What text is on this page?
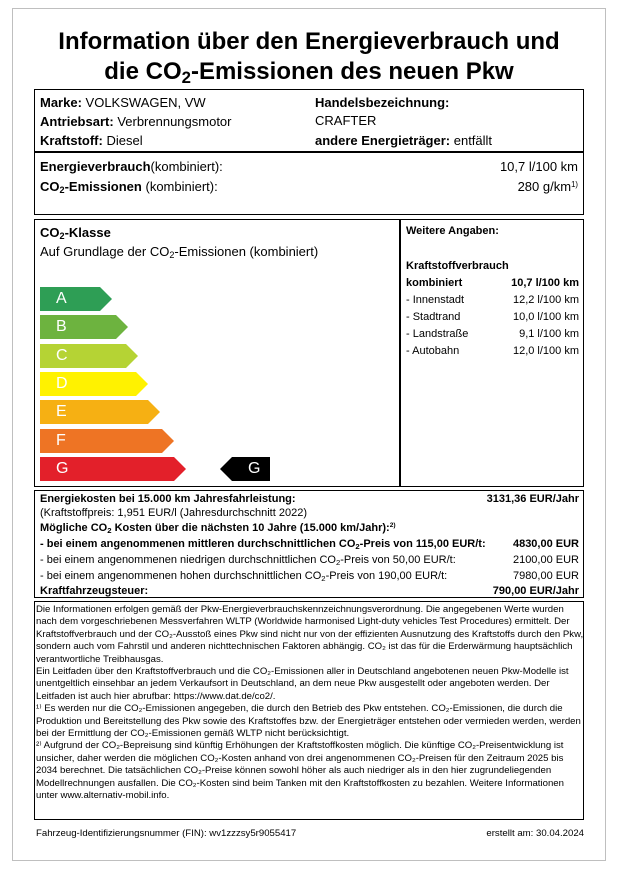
Information über den Energieverbrauch und
die $CO_2$-Emissionen des neuen Pkw
Marke: VOLKSWAGEN, VW
Antriebsart: Verbrennungsmotor
Kraftstoff: Diesel
Handelsbezeichnung:
CRAFTER
andere Energieträger: entfällt
Energieverbrauch(kombiniert):	10,7 l/100 km
$CO_2$-Emissionen (kombiniert):	280 $g/km^{1)}$
$CO_2$-Klasse
Auf Grundlage der $CO_2$-Emissionen (kombiniert)
A
B
C
D
E
F
G	G
Weitere Angaben:
Kraftstoffverbrauch
kombiniert	10,7 l/100 km
- Innenstadt	12,2 l/100 km
- Stadtrand	10,0 l/100 km
- Landstraße	9,1 l/100 km
- Autobahn	12,0 l/100 km
Energiekosten bei 15.000 km Jahresfahrleistung:	3131,36 EUR/Jahr
(Kraftstoffpreis: 1,951 EUR/l (Jahresdurchschnitt 2022)
Mögliche $CO_2$ Kosten über die nächsten 10 Jahre (15.000 km/Jahr):$^{2)}$
- bei einem angenommenen mittleren durchschnittlichen $CO_2$-Preis von 115,00 EUR/t: 4830,00 EUR
- bei einem angenommenen niedrigen durchschnittlichen $CO_2$-Preis von 50,00 EUR/t:	2100,00 EUR
- bei einem angenommenen hohen durchschnittlichen $CO_2$-Preis von 190,00 EUR/t:	7980,00 EUR
Kraftfahrzeugsteuer:	790,00 EUR/Jahr

Die Informationen erfolgen gemäß der Pkw-Energieverbrauchskennzeichnungsverordnung. Die angegebenen Werte wurden nach dem vorgeschriebenen Messverfahren WLTP (Worldwide harmonised Light-duty vehicles Test Procedures) ermittelt. Der Kraftstoffverbrauch und der CO₂-Ausstoß eines Pkw sind nicht nur von der effizienten Ausnutzung des Kraftstoffs durch den Pkw, sondern auch vom Fahrstil und anderen nichttechnischen Faktoren abhängig. CO₂ ist das für die Erderwärmung hauptsächlich verantwortliche Treibhausgas.

Ein Leitfaden über den Kraftstoffverbrauch und die CO₂-Emissionen aller in Deutschland angebotenen neuen Pkw-Modelle ist unentgeltlich einsehbar an jedem Verkaufsort in Deutschland, an dem neue Pkw ausgestellt oder angeboten werden. Der Leitfaden ist auch hier abrufbar: https://www.dat.de/co2/.

¹⁾ Es werden nur die CO₂-Emissionen angegeben, die durch den Betrieb des Pkw entstehen. CO₂-Emissionen, die durch die Produktion und Bereitstellung des Pkw sowie des Kraftstoffes bzw. der Energieträger entstehen oder vermieden werden, werden bei der Ermittlung der CO₂-Emissionen gemäß WLTP nicht berücksichtigt.

²⁾ Aufgrund der CO₂-Bepreisung sind künftig Erhöhungen der Kraftstoffkosten möglich. Die künftige CO₂-Preisentwicklung ist unsicher, daher werden die möglichen CO₂-Kosten anhand von drei angenommenen CO₂-Preisen für den Zeitraum 2025 bis 2034 berechnet. Die tatsächlichen CO₂-Preise können sowohl höher als auch niedriger als in den hier zugrundeliegenden Modellrechnungen ausfallen. Die CO₂-Kosten sind beim Tanken mit den Kraftstoffkosten zu bezahlen. Weitere Informationen unter www.alternativ-mobil.info.

Fahrzeug-Identifizierungsnummer (FIN): wv1zzzsy5r9055417	erstellt am: 30.04.2024
